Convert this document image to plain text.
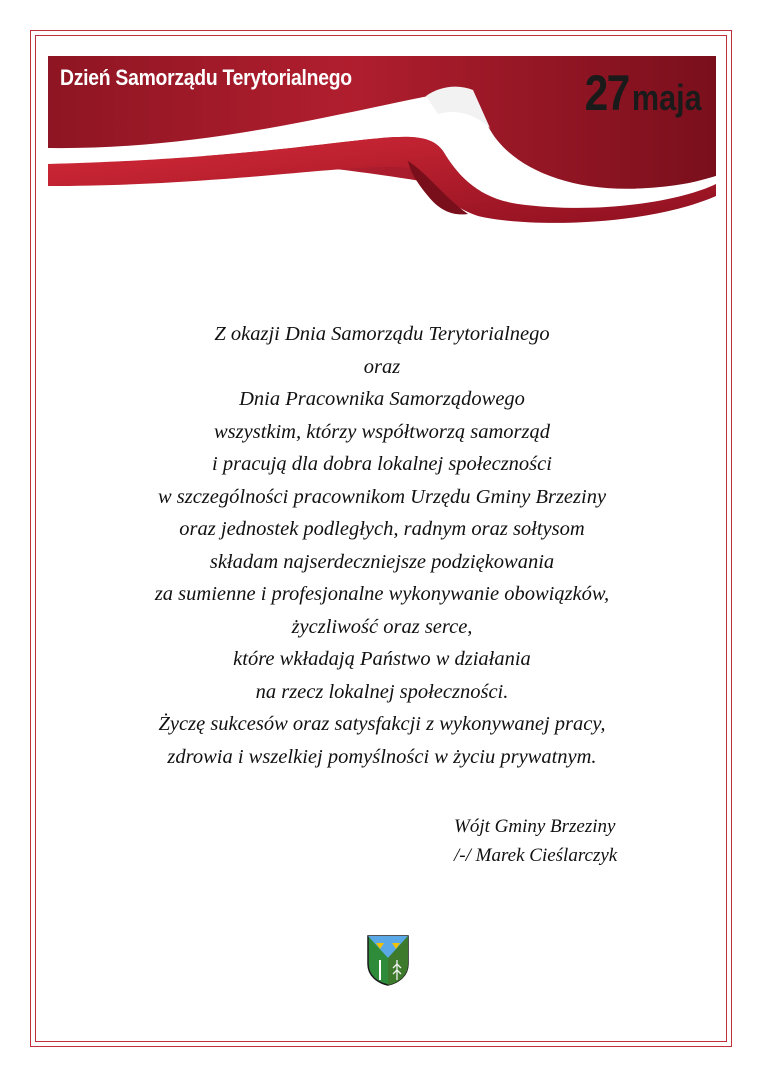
Dzień Samorządu Terytorialnego	27maja
Z okazji Dnia Samorządu Terytorialnego
oraz
Dnia Pracownika Samorządowego
wszystkim, którzy współtworzą samorząd
i pracują dla dobra lokalnej społeczności
w szczególności pracownikom Urzędu Gminy Brzeziny
oraz jednostek podległych, radnym oraz sołtysom
składam najserdeczniejsze podziękowania
za sumienne i profesjonalne wykonywanie obowiązków,
życzliwość oraz serce,
które wkładają Państwo w działania
na rzecz lokalnej społeczności.
Życzę sukcesów oraz satysfakcji z wykonywanej pracy,
zdrowia i wszelkiej pomyślności w życiu prywatnym.
Wójt Gminy Brzeziny
/-/ Marek Cieślarczyk
